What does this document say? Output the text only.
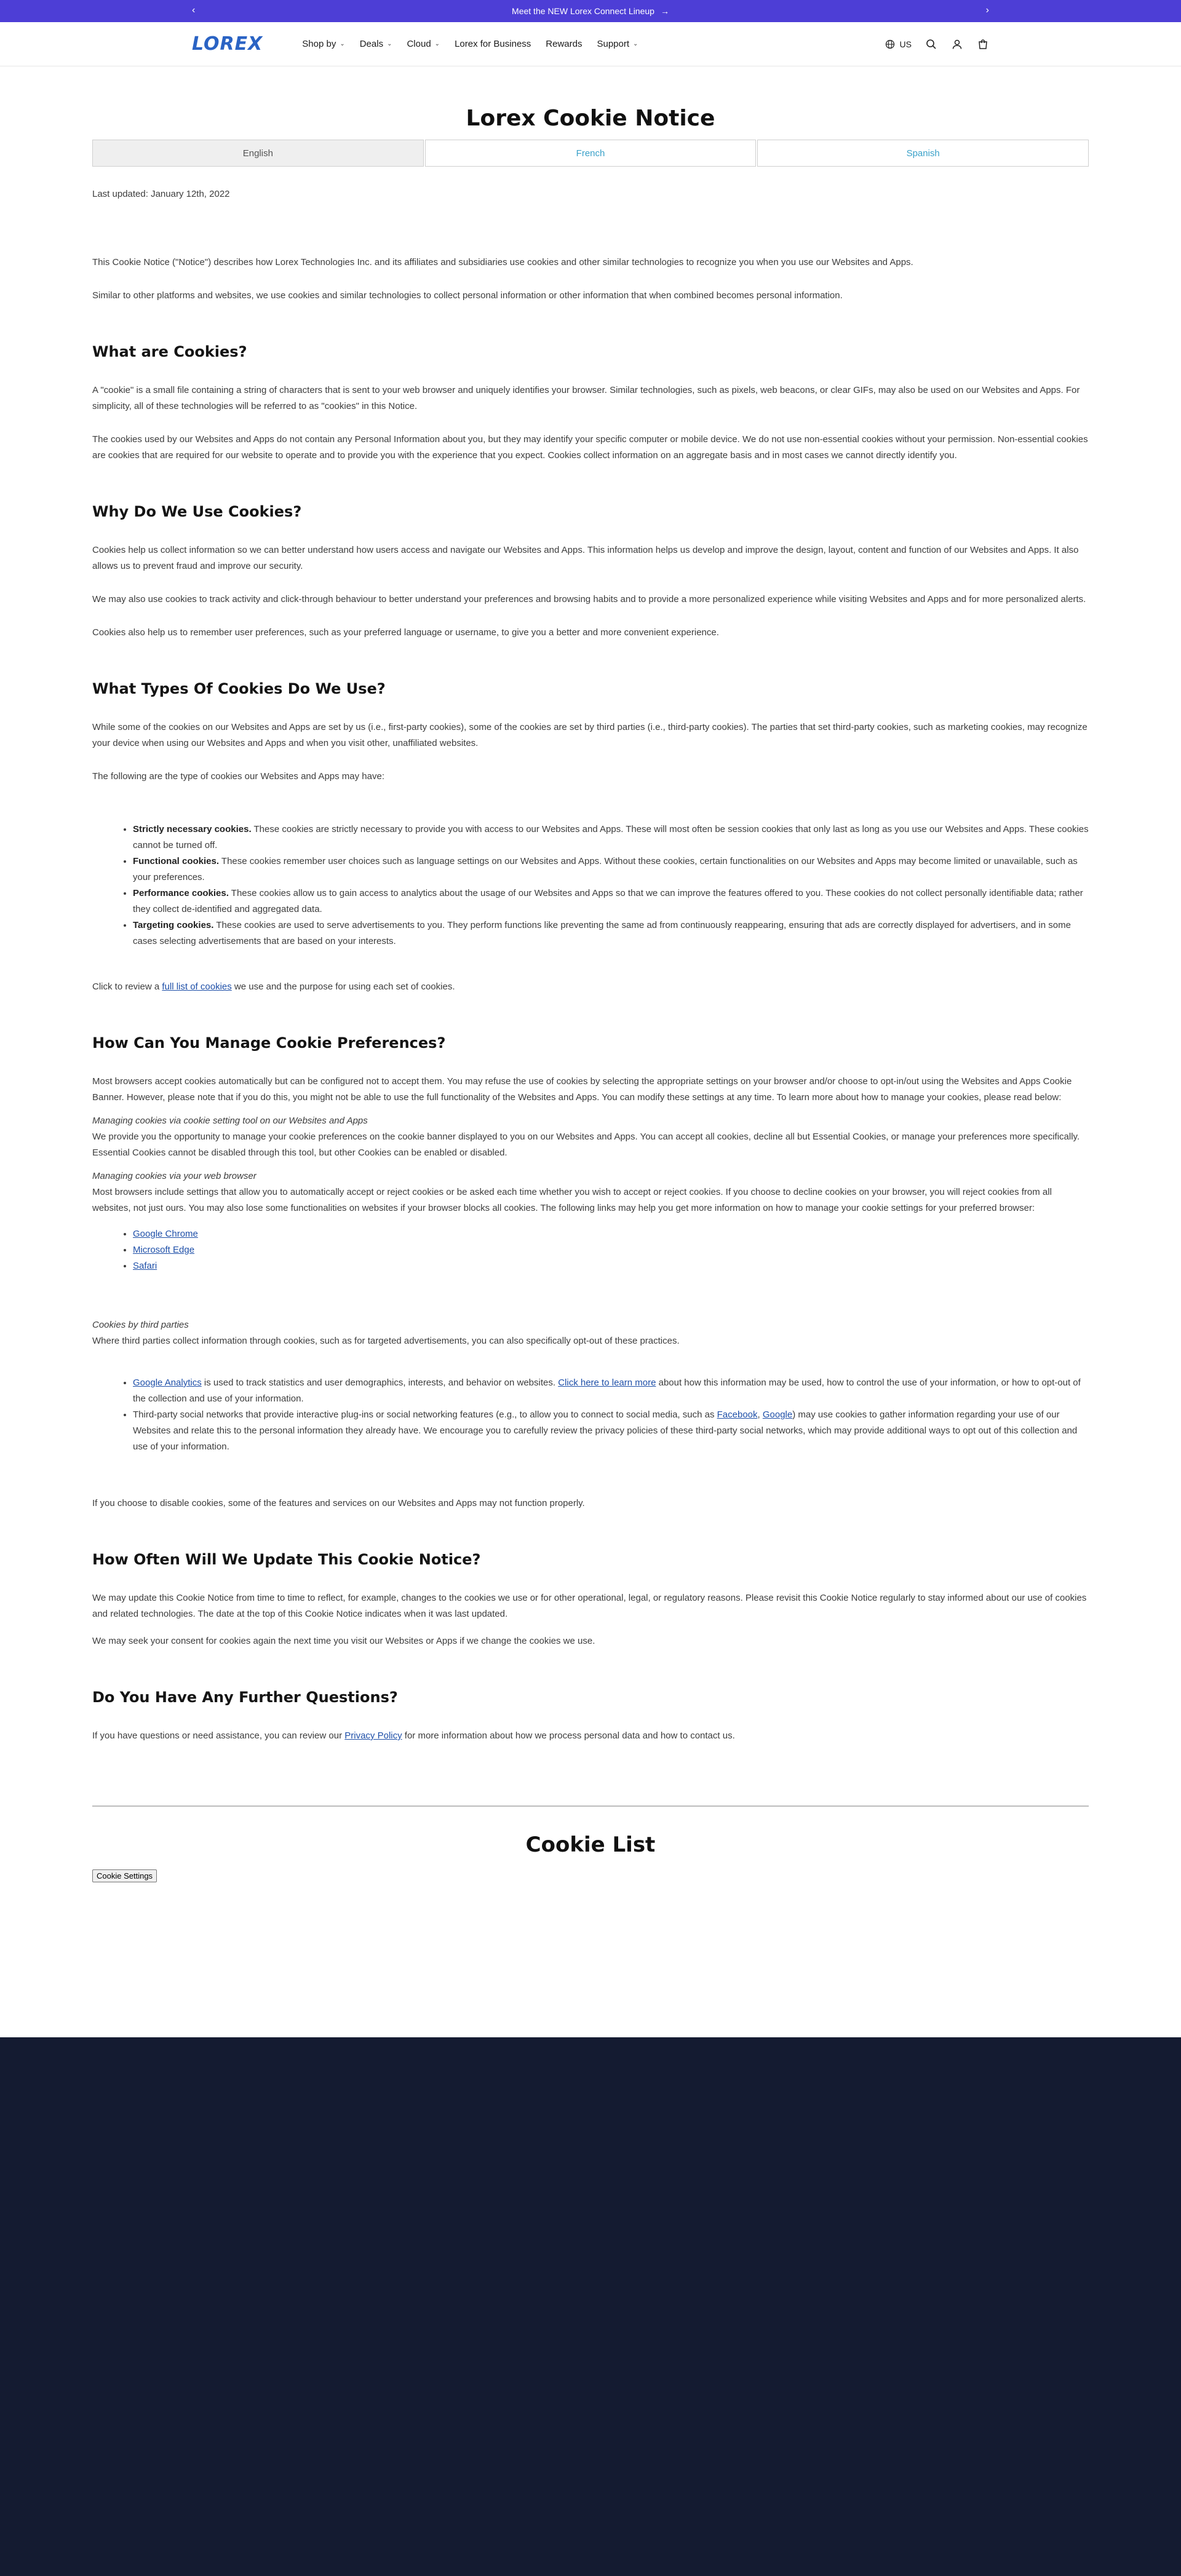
‹	Meet the NEW Lorex Connect Lineup →	›
LOREX	Shop by ⌄ Deals ⌄ Cloud ⌄ Lorex for Business Rewards Support ⌄	US
Lorex Cookie Notice
English	French	Spanish

Last updated: January 12th, 2022

This Cookie Notice ("Notice") describes how Lorex Technologies Inc. and its affiliates and subsidiaries use cookies and other similar technologies to recognize you when you use our Websites and Apps.

Similar to other platforms and websites, we use cookies and similar technologies to collect personal information or other information that when combined becomes personal information.

What are Cookies?

A "cookie" is a small file containing a string of characters that is sent to your web browser and uniquely identifies your browser. Similar technologies, such as pixels, web beacons, or clear GIFs, may also be used on our Websites and Apps. For simplicity, all of these technologies will be referred to as "cookies" in this Notice.

The cookies used by our Websites and Apps do not contain any Personal Information about you, but they may identify your specific computer or mobile device. We do not use non-essential cookies without your permission. Non-essential cookies are cookies that are required for our website to operate and to provide you with the experience that you expect. Cookies collect information on an aggregate basis and in most cases we cannot directly identify you.

Why Do We Use Cookies?

Cookies help us collect information so we can better understand how users access and navigate our Websites and Apps. This information helps us develop and improve the design, layout, content and function of our Websites and Apps. It also allows us to prevent fraud and improve our security.

We may also use cookies to track activity and click-through behaviour to better understand your preferences and browsing habits and to provide a more personalized experience while visiting Websites and Apps and for more personalized alerts.

Cookies also help us to remember user preferences, such as your preferred language or username, to give you a better and more convenient experience.

What Types Of Cookies Do We Use?

While some of the cookies on our Websites and Apps are set by us (i.e., first-party cookies), some of the cookies are set by third parties (i.e., third-party cookies). The parties that set third-party cookies, such as marketing cookies, may recognize your device when using our Websites and Apps and when you visit other, unaffiliated websites.

The following are the type of cookies our Websites and Apps may have:

• Strictly necessary cookies. These cookies are strictly necessary to provide you with access to our Websites and Apps. These will most often be session cookies that only last as long as you use our Websites and Apps. These cookies cannot be turned off.
• Functional cookies. These cookies remember user choices such as language settings on our Websites and Apps. Without these cookies, certain functionalities on our Websites and Apps may become limited or unavailable, such as your preferences.
• Performance cookies. These cookies allow us to gain access to analytics about the usage of our Websites and Apps so that we can improve the features offered to you. These cookies do not collect personally identifiable data; rather they collect de-identified and aggregated data.
• Targeting cookies. These cookies are used to serve advertisements to you. They perform functions like preventing the same ad from continuously reappearing, ensuring that ads are correctly displayed for advertisers, and in some cases selecting advertisements that are based on your interests.

Click to review a full list of cookies we use and the purpose for using each set of cookies.

How Can You Manage Cookie Preferences?

Most browsers accept cookies automatically but can be configured not to accept them. You may refuse the use of cookies by selecting the appropriate settings on your browser and/or choose to opt-in/out using the Websites and Apps Cookie Banner. However, please note that if you do this, you might not be able to use the full functionality of the Websites and Apps. You can modify these settings at any time. To learn more about how to manage your cookies, please read below:

Managing cookies via cookie setting tool on our Websites and Apps

We provide you the opportunity to manage your cookie preferences on the cookie banner displayed to you on our Websites and Apps. You can accept all cookies, decline all but Essential Cookies, or manage your preferences more specifically. Essential Cookies cannot be disabled through this tool, but other Cookies can be enabled or disabled.

Managing cookies via your web browser

Most browsers include settings that allow you to automatically accept or reject cookies or be asked each time whether you wish to accept or reject cookies. If you choose to decline cookies on your browser, you will reject cookies from all websites, not just ours. You may also lose some functionalities on websites if your browser blocks all cookies. The following links may help you get more information on how to manage your cookie settings for your preferred browser:

• Google Chrome
• Microsoft Edge
• Safari

Cookies by third parties

Where third parties collect information through cookies, such as for targeted advertisements, you can also specifically opt-out of these practices.

• Google Analytics is used to track statistics and user demographics, interests, and behavior on websites. Click here to learn more about how this information may be used, how to control the use of your information, or how to opt-out of the collection and use of your information.
• Third-party social networks that provide interactive plug-ins or social networking features (e.g., to allow you to connect to social media, such as Facebook, Google) may use cookies to gather information regarding your use of our Websites and relate this to the personal information they already have. We encourage you to carefully review the privacy policies of these third-party social networks, which may provide additional ways to opt out of this collection and use of your information.

If you choose to disable cookies, some of the features and services on our Websites and Apps may not function properly.

How Often Will We Update This Cookie Notice?

We may update this Cookie Notice from time to time to reflect, for example, changes to the cookies we use or for other operational, legal, or regulatory reasons. Please revisit this Cookie Notice regularly to stay informed about our use of cookies and related technologies. The date at the top of this Cookie Notice indicates when it was last updated.

We may seek your consent for cookies again the next time you visit our Websites or Apps if we change the cookies we use.

Do You Have Any Further Questions?

If you have questions or need assistance, you can review our Privacy Policy for more information about how we process personal data and how to contact us.

Cookie List
Cookie Settings
